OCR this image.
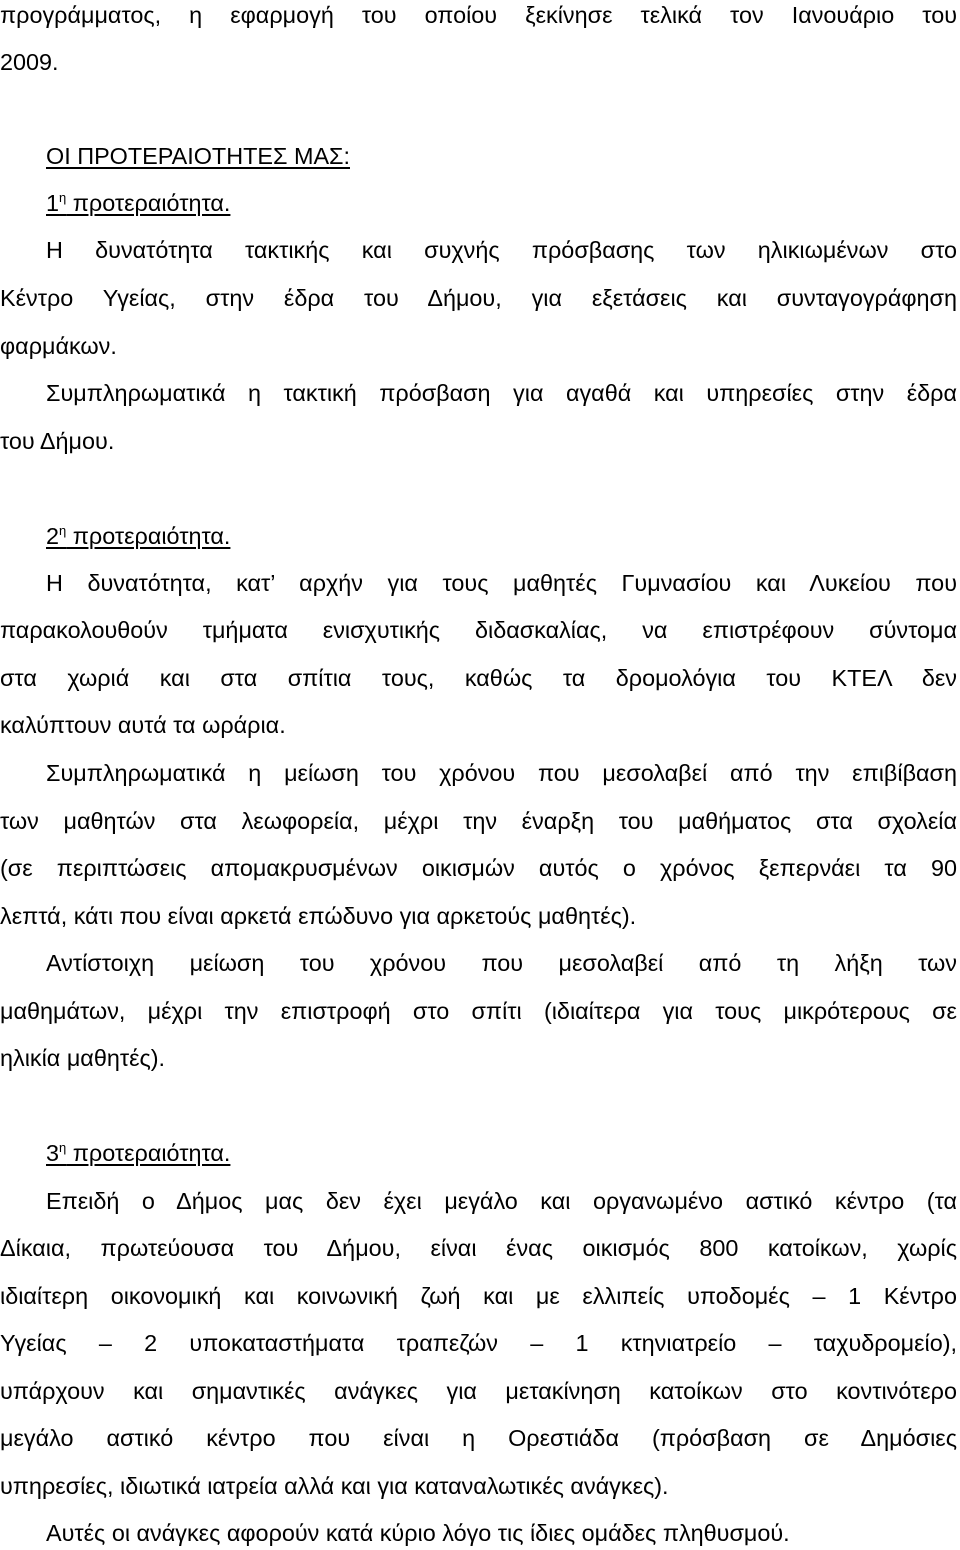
προγράμματος, η εφαρμογή του οποίου ξεκίνησε τελικά τον Ιανουάριο του
2009.
ΟΙ ΠΡΟΤΕΡΑΙΟΤΗΤΕΣ ΜΑΣ:
$1^\eta$ προτεραιότητα.
Η δυνατότητα τακτικής και συχνής πρόσβασης των ηλικιωμένων στο
Κέντρο Υγείας, στην έδρα του Δήμου, για εξετάσεις και συνταγογράφηση
φαρμάκων.
Συμπληρωματικά η τακτική πρόσβαση για αγαθά και υπηρεσίες στην έδρα
του Δήμου.
$2^\eta$ προτεραιότητα.
Η δυνατότητα, κατ’ αρχήν για τους μαθητές Γυμνασίου και Λυκείου που
παρακολουθούν τμήματα ενισχυτικής διδασκαλίας, να επιστρέφουν σύντομα
στα χωριά και στα σπίτια τους, καθώς τα δρομολόγια του ΚΤΕΛ δεν
καλύπτουν αυτά τα ωράρια.
Συμπληρωματικά η μείωση του χρόνου που μεσολαβεί από την επιβίβαση
των μαθητών στα λεωφορεία, μέχρι την έναρξη του μαθήματος στα σχολεία
(σε περιπτώσεις απομακρυσμένων οικισμών αυτός ο χρόνος ξεπερνάει τα 90
λεπτά, κάτι που είναι αρκετά επώδυνο για αρκετούς μαθητές).
Αντίστοιχη μείωση του χρόνου που μεσολαβεί από τη λήξη των
μαθημάτων, μέχρι την επιστροφή στο σπίτι (ιδιαίτερα για τους μικρότερους σε
ηλικία μαθητές).
$3^\eta$ προτεραιότητα.
Επειδή ο Δήμος μας δεν έχει μεγάλο και οργανωμένο αστικό κέντρο (τα
Δίκαια, πρωτεύουσα του Δήμου, είναι ένας οικισμός 800 κατοίκων, χωρίς
ιδιαίτερη οικονομική και κοινωνική ζωή και με ελλιπείς υποδομές – 1 Κέντρο
Υγείας – 2 υποκαταστήματα τραπεζών – 1 κτηνιατρείο – ταχυδρομείο),
υπάρχουν και σημαντικές ανάγκες για μετακίνηση κατοίκων στο κοντινότερο
μεγάλο αστικό κέντρο που είναι η Ορεστιάδα (πρόσβαση σε Δημόσιες
υπηρεσίες, ιδιωτικά ιατρεία αλλά και για καταναλωτικές ανάγκες).
Αυτές οι ανάγκες αφορούν κατά κύριο λόγο τις ίδιες ομάδες πληθυσμού.
